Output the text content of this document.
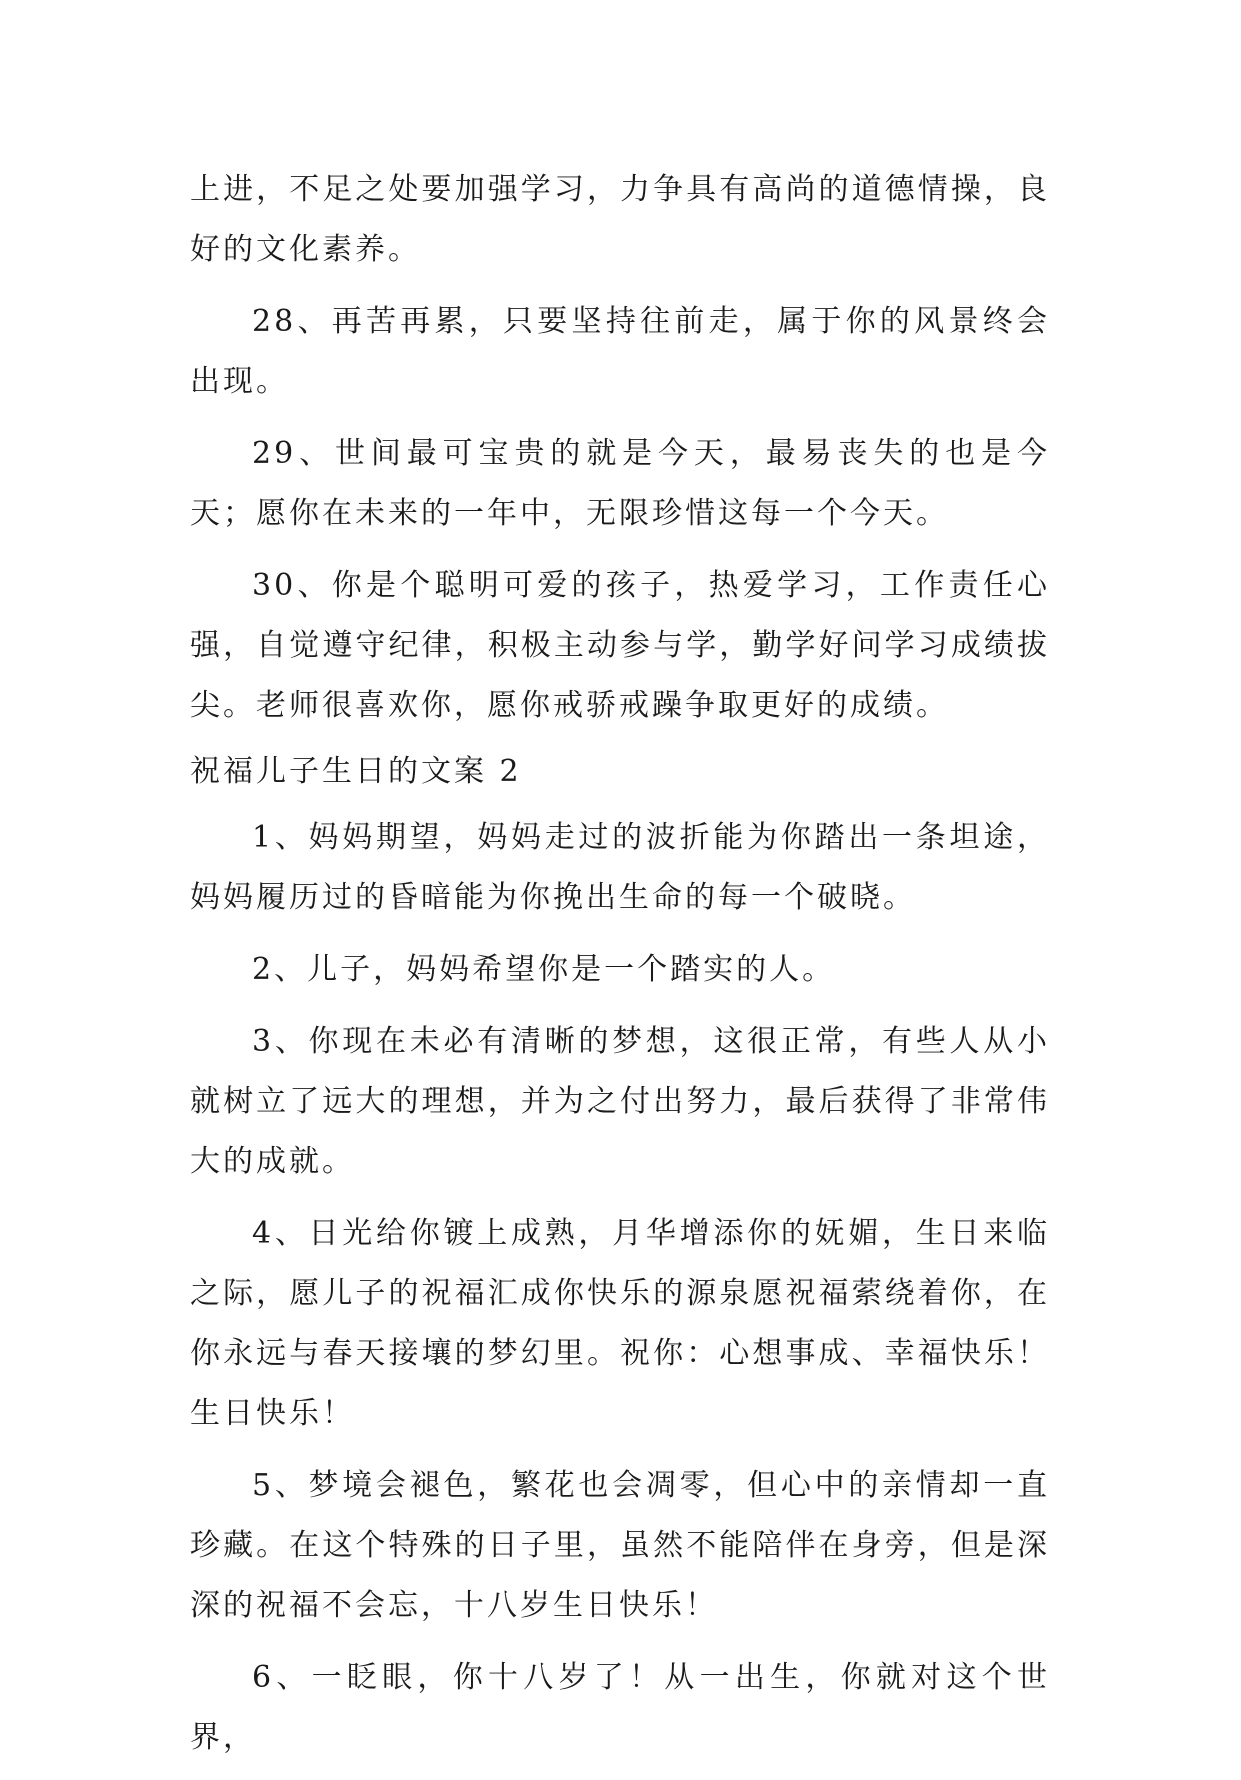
上进，不足之处要加强学习，力争具有高尚的道德情操，良好的文化素养。

28、再苦再累，只要坚持往前走，属于你的风景终会出现。

29、世间最可宝贵的就是今天，最易丧失的也是今天；愿你在未来的一年中，无限珍惜这每一个今天。

30、你是个聪明可爱的孩子，热爱学习，工作责任心强，自觉遵守纪律，积极主动参与学，勤学好问学习成绩拔尖。老师很喜欢你，愿你戒骄戒躁争取更好的成绩。

祝福儿子生日的文案 2

1、妈妈期望，妈妈走过的波折能为你踏出一条坦途，妈妈履历过的昏暗能为你挽出生命的每一个破晓。

2、儿子，妈妈希望你是一个踏实的人。

3、你现在未必有清晰的梦想，这很正常，有些人从小就树立了远大的理想，并为之付出努力，最后获得了非常伟大的成就。

4、日光给你镀上成熟，月华增添你的妩媚，生日来临之际，愿儿子的祝福汇成你快乐的源泉愿祝福萦绕着你，在你永远与春天接壤的梦幻里。祝你：心想事成、幸福快乐！生日快乐！

5、梦境会褪色，繁花也会凋零，但心中的亲情却一直珍藏。在这个特殊的日子里，虽然不能陪伴在身旁，但是深深的祝福不会忘，十八岁生日快乐！

6、一眨眼，你十八岁了！从一出生，你就对这个世界，
